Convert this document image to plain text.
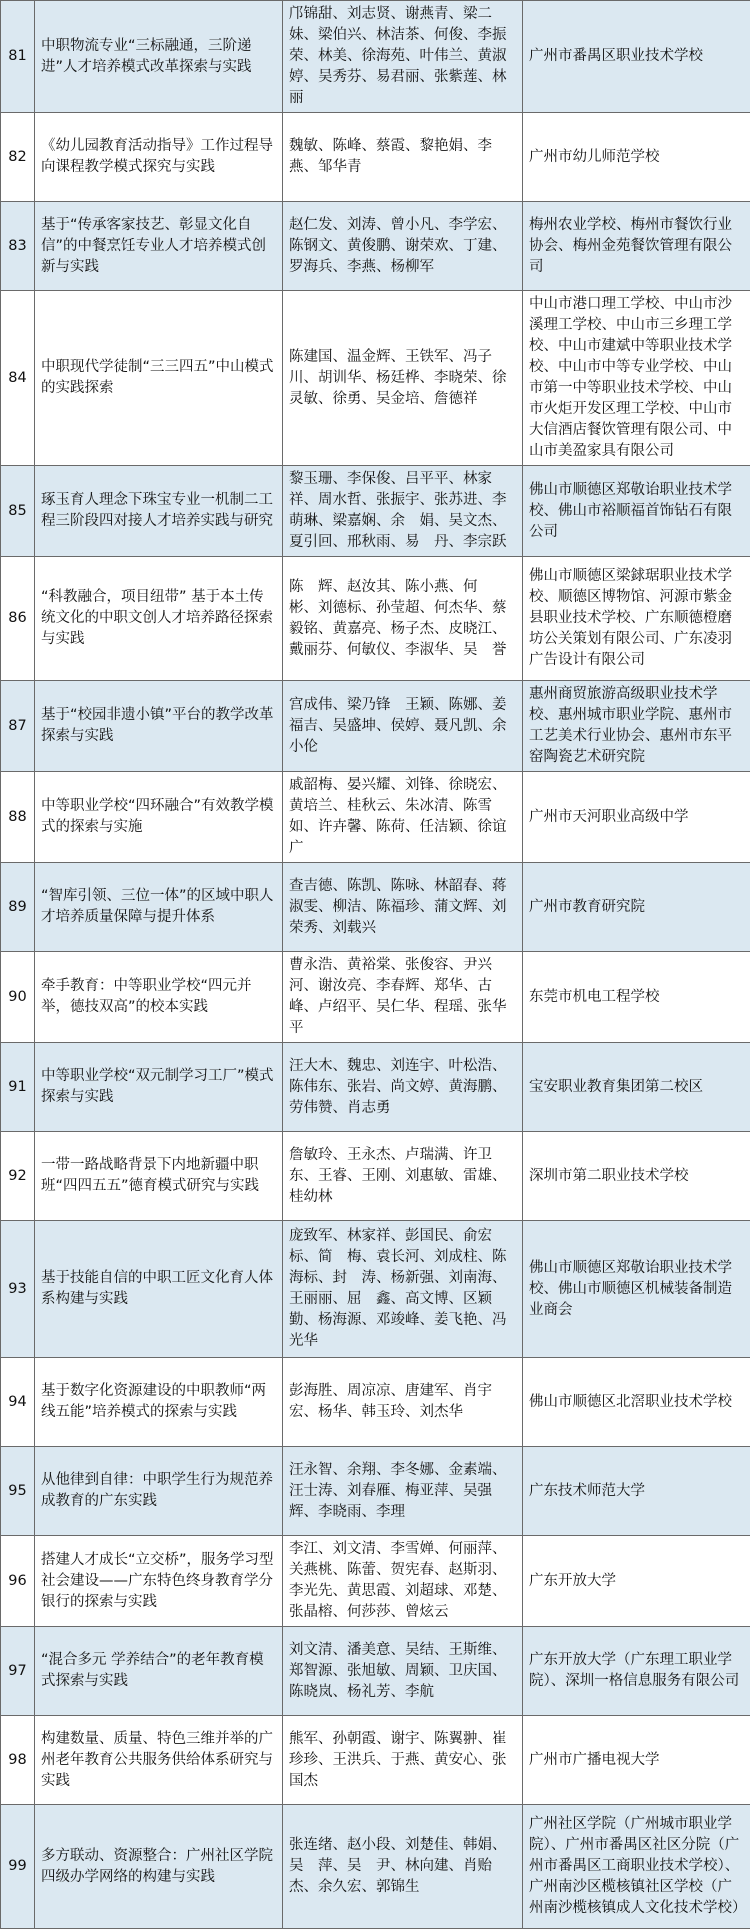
81	中职物流专业“三标融通，三阶递进”人才培养模式改革探索与实践	邝锦甜、刘志贤、谢燕青、梁二妹、梁伯兴、林洁茶、何俊、李振荣、林美、徐海苑、叶伟兰、黄淑婷、吴秀芬、易君丽、张紫莲、林丽	广州市番禺区职业技术学校
82	《幼儿园教育活动指导》工作过程导向课程教学模式探究与实践	魏敏、陈峰、蔡霞、黎艳娟、李燕、邹华青	广州市幼儿师范学校
83	基于“传承客家技艺、彰显文化自信”的中餐烹饪专业人才培养模式创新与实践	赵仁发、刘涛、曾小凡、李学宏、陈钢文、黄俊鹏、谢荣欢、丁建、罗海兵、李燕、杨柳军	梅州农业学校、梅州市餐饮行业协会、梅州金苑餐饮管理有限公司
84	中职现代学徒制“三三四五”中山模式的实践探索	陈建国、温金辉、王铁军、冯子川、胡训华、杨廷桦、李晓荣、徐灵敏、徐勇、吴金培、詹德祥	中山市港口理工学校、中山市沙溪理工学校、中山市三乡理工学校、中山市建斌中等职业技术学校、中山市中等专业学校、中山市第一中等职业技术学校、中山市火炬开发区理工学校、中山市大信酒店餐饮管理有限公司、中山市美盈家具有限公司
85	琢玉育人理念下珠宝专业一机制二工程三阶段四对接人才培养实践与研究	黎玉珊、李保俊、吕平平、林家祥、周水哲、张振宇、张苏进、李萌琳、梁嘉娴、余　娟、吴文杰、夏引回、邢秋雨、易　丹、李宗跃	佛山市顺德区郑敬诒职业技术学校、佛山市裕顺福首饰钻石有限公司
86	“科教融合，项目纽带” 基于本土传统文化的中职文创人才培养路径探索与实践	陈　辉、赵汝其、陈小燕、何　彬、刘德标、孙莹超、何杰华、蔡毅铭、黄嘉亮、杨子杰、皮晓江、戴丽芬、何敏仪、李淑华、吴　誉	佛山市顺德区梁銶琚职业技术学校、顺德区博物馆、河源市紫金县职业技术学校、广东顺德橙磨坊公关策划有限公司、广东凌羽广告设计有限公司
87	基于“校园非遗小镇”平台的教学改革探索与实践	宫成伟、梁乃锋　王颖、陈娜、姜福吉、吴盛坤、侯婷、聂凡凯、余小伦	惠州商贸旅游高级职业技术学校、惠州城市职业学院、惠州市工艺美术行业协会、惠州市东平窑陶瓷艺术研究院
88	中等职业学校“四环融合”有效教学模式的探索与实施	戚韶梅、晏兴耀、刘锋、徐晓宏、黄培兰、桂秋云、朱冰清、陈雪如、许卉馨、陈荷、任洁颖、徐谊广	广州市天河职业高级中学
89	“智库引领、三位一体”的区域中职人才培养质量保障与提升体系	查吉德、陈凯、陈咏、林韶春、蒋淑雯、柳洁、陈福珍、蒲文辉、刘荣秀、刘载兴	广州市教育研究院
90	牵手教育：中等职业学校“四元并举，德技双高”的校本实践	曹永浩、黄裕棠、张俊容、尹兴河、谢汝亮、李春辉、郑华、古峰、卢绍平、吴仁华、程瑶、张华平	东莞市机电工程学校
91	中等职业学校“双元制学习工厂”模式探索与实践	汪大木、魏忠、刘连宇、叶松浩、陈伟东、张岩、尚文婷、黄海鹏、劳伟赞、肖志勇	宝安职业教育集团第二校区
92	一带一路战略背景下内地新疆中职班“四四五五”德育模式研究与实践	詹敏玲、王永杰、卢瑞满、许卫东、王睿、王刚、刘惠敏、雷雄、桂幼林	深圳市第二职业技术学校
93	基于技能自信的中职工匠文化育人体系构建与实践	庞致军、林家祥、彭国民、俞宏标、简　梅、袁长河、刘成柱、陈海标、封　涛、杨新强、刘南海、王丽丽、屈　鑫、高文博、区颖勤、杨海源、邓竣峰、姜飞艳、冯光华	佛山市顺德区郑敬诒职业技术学校、佛山市顺德区机械装备制造业商会
94	基于数字化资源建设的中职教师“两线五能”培养模式的探索与实践	彭海胜、周凉凉、唐建军、肖宇宏、杨华、韩玉玲、刘杰华	佛山市顺德区北滘职业技术学校
95	从他律到自律：中职学生行为规范养成教育的广东实践	汪永智、余翔、李冬娜、金素端、汪士涛、刘春雁、梅亚萍、吴强辉、李晓雨、李理	广东技术师范大学
96	搭建人才成长“立交桥”，服务学习型社会建设——广东特色终身教育学分银行的探索与实践	李江、刘文清、李雪婵、何丽萍、关燕桃、陈蕾、贺宪春、赵斯羽、李光先、黄思霞、刘超球、邓楚、张晶榕、何莎莎、曾炫云	广东开放大学
97	“混合多元 学养结合”的老年教育模式探索与实践	刘文清、潘美意、吴结、王斯维、郑智源、张旭敏、周颖、卫庆国、陈晓岚、杨礼芳、李航	广东开放大学（广东理工职业学院）、深圳一格信息服务有限公司
98	构建数量、质量、特色三维并举的广州老年教育公共服务供给体系研究与实践	熊军、孙朝霞、谢宇、陈翼翀、崔珍珍、王洪兵、于燕、黄安心、张国杰	广州市广播电视大学
99	多方联动、资源整合：广州社区学院四级办学网络的构建与实践	张连绪、赵小段、刘楚佳、韩娟、吴　萍、吴　尹、林向建、肖贻杰、余久宏、郭锦生	广州社区学院（广州城市职业学院）、广州市番禺区社区分院（广州市番禺区工商职业技术学校）、广州南沙区榄核镇社区学校（广州南沙榄核镇成人文化技术学校）
